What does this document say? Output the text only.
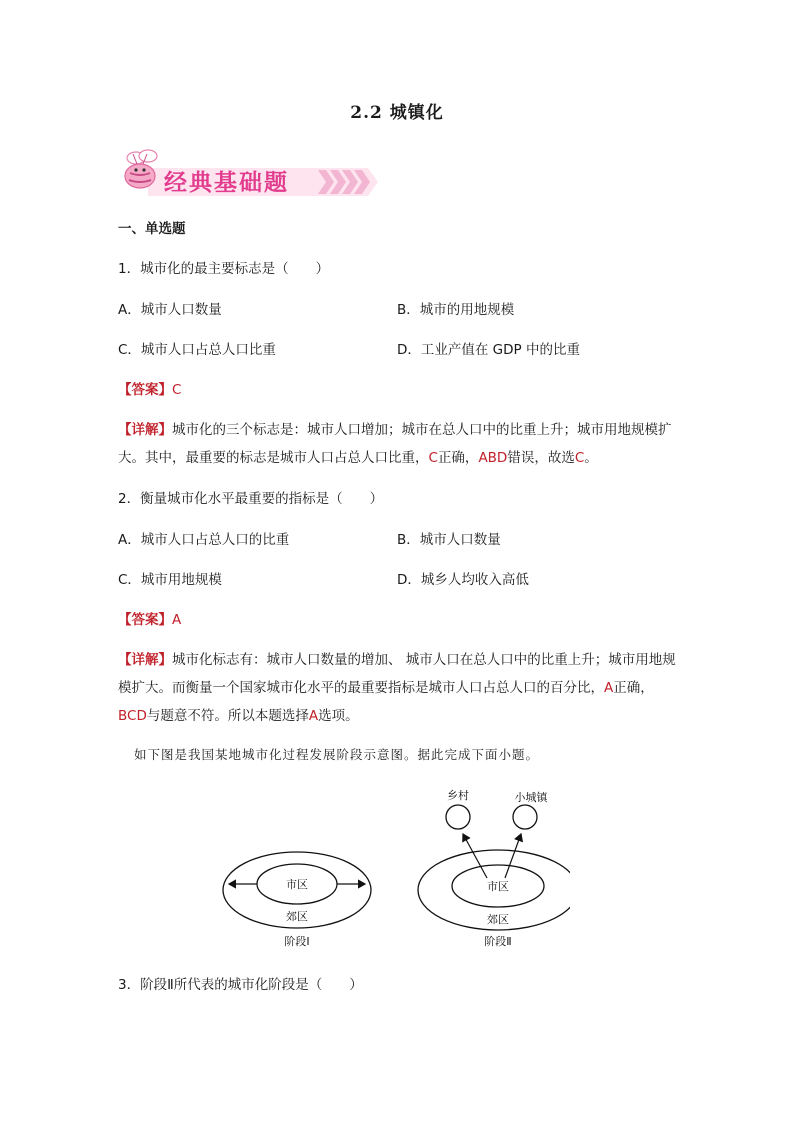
2.2 城镇化
经典基础题
一、单选题
1．城市化的最主要标志是（　　）
A．城市人口数量	B．城市的用地规模
C．城市人口占总人口比重	D．工业产值在 GDP 中的比重
【答案】C
【详解】城市化的三个标志是：城市人口增加；城市在总人口中的比重上升；城市用地规模扩大。其中，最重要的标志是城市人口占总人口比重，C正确，ABD错误，故选C。
2．衡量城市化水平最重要的指标是（　　）
A．城市人口占总人口的比重	B．城市人口数量
C．城市用地规模	D．城乡人均收入高低
【答案】A
【详解】城市化标志有：城市人口数量的增加、 城市人口在总人口中的比重上升；城市用地规模扩大。而衡量一个国家城市化水平的最重要指标是城市人口占总人口的百分比，A正确，BCD与题意不符。所以本题选择A选项。
如下图是我国某地城市化过程发展阶段示意图。据此完成下面小题。
市区
郊区
阶段Ⅰ
乡村	小城镇
市区
郊区
阶段Ⅱ
3．阶段Ⅱ所代表的城市化阶段是（　　）
